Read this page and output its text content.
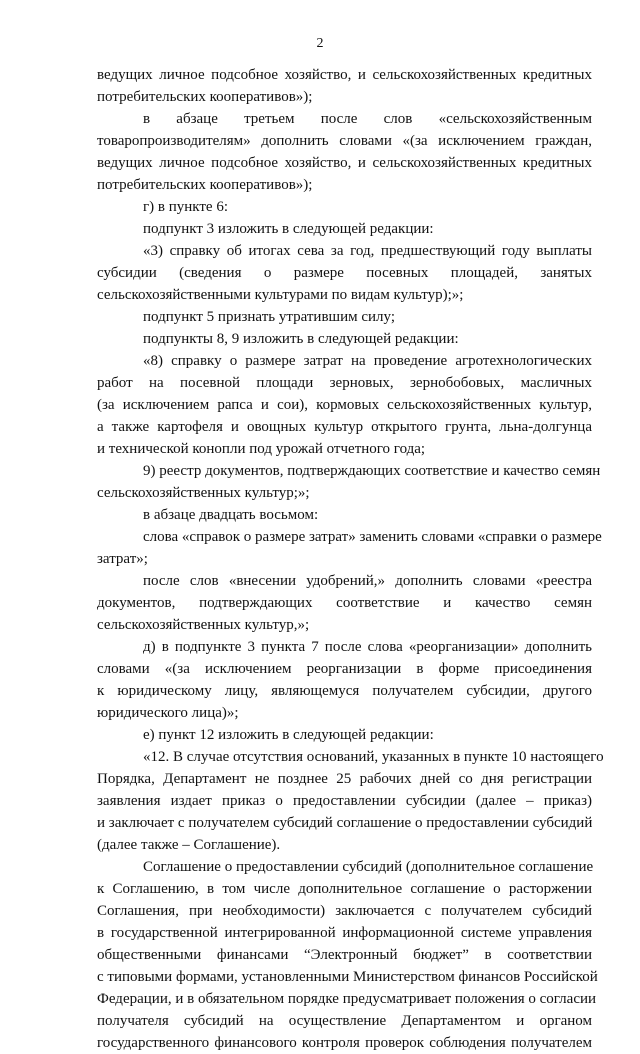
2
ведущих личное подсобное хозяйство, и сельскохозяйственных кредитных
потребительских кооперативов»);
в абзаце третьем после слов «сельскохозяйственным
товаропроизводителям» дополнить словами «(за исключением граждан,
ведущих личное подсобное хозяйство, и сельскохозяйственных кредитных
потребительских кооперативов»);
г) в пункте 6:
подпункт 3 изложить в следующей редакции:
«3) справку об итогах сева за год, предшествующий году выплаты
субсидии (сведения о размере посевных площадей, занятых
сельскохозяйственными культурами по видам культур);»;
подпункт 5 признать утратившим силу;
подпункты 8, 9 изложить в следующей редакции:
«8) справку о размере затрат на проведение агротехнологических
работ на посевной площади зерновых, зернобобовых, масличных
(за исключением рапса и сои), кормовых сельскохозяйственных культур,
а также картофеля и овощных культур открытого грунта, льна-долгунца
и технической конопли под урожай отчетного года;
9) реестр документов, подтверждающих соответствие и качество семян
сельскохозяйственных культур;»;
в абзаце двадцать восьмом:
слова «справок о размере затрат» заменить словами «справки о размере
затрат»;
после слов «внесении удобрений,» дополнить словами «реестра
документов, подтверждающих соответствие и качество семян
сельскохозяйственных культур,»;
д) в подпункте 3 пункта 7 после слова «реорганизации» дополнить
словами «(за исключением реорганизации в форме присоединения
к юридическому лицу, являющемуся получателем субсидии, другого
юридического лица)»;
е) пункт 12 изложить в следующей редакции:
«12. В случае отсутствия оснований, указанных в пункте 10 настоящего
Порядка, Департамент не позднее 25 рабочих дней со дня регистрации
заявления издает приказ о предоставлении субсидии (далее – приказ)
и заключает с получателем субсидий соглашение о предоставлении субсидий
(далее также – Соглашение).
Соглашение о предоставлении субсидий (дополнительное соглашение
к Соглашению, в том числе дополнительное соглашение о расторжении
Соглашения, при необходимости) заключается с получателем субсидий
в государственной интегрированной информационной системе управления
общественными финансами “Электронный бюджет” в соответствии
с типовыми формами, установленными Министерством финансов Российской
Федерации, и в обязательном порядке предусматривает положения о согласии
получателя субсидий на осуществление Департаментом и органом
государственного финансового контроля проверок соблюдения получателем
